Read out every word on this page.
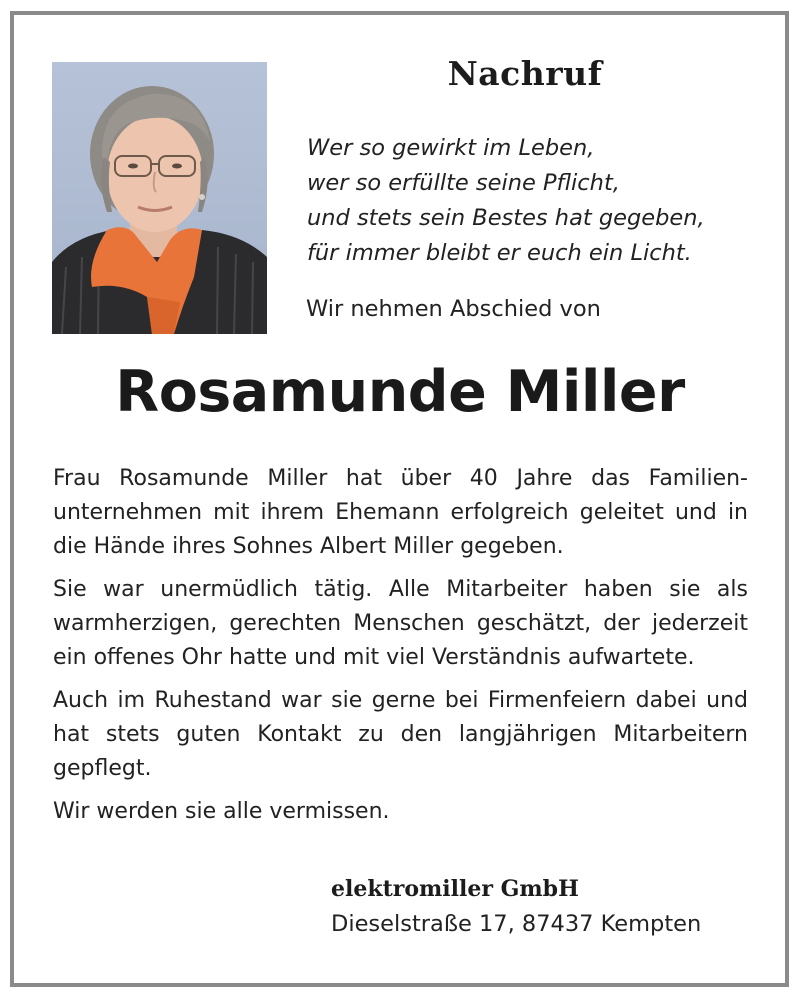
Nachruf
Wer so gewirkt im Leben,
wer so erfüllte seine Pflicht,
und stets sein Bestes hat gegeben,
für immer bleibt er euch ein Licht.
Wir nehmen Abschied von
Rosamunde Miller

Frau Rosamunde Miller hat über 40 Jahre das Familienunternehmen mit ihrem Ehemann erfolgreich geleitet und in die Hände ihres Sohnes Albert Miller gegeben.

Sie war unermüdlich tätig. Alle Mitarbeiter haben sie als warmherzigen, gerechten Menschen geschätzt, der jederzeit ein offenes Ohr hatte und mit viel Verständnis aufwartete.

Auch im Ruhestand war sie gerne bei Firmenfeiern dabei und hat stets guten Kontakt zu den langjährigen Mitarbeitern gepflegt.

Wir werden sie alle vermissen.

elektromiller GmbH
Dieselstraße 17, 87437 Kempten
